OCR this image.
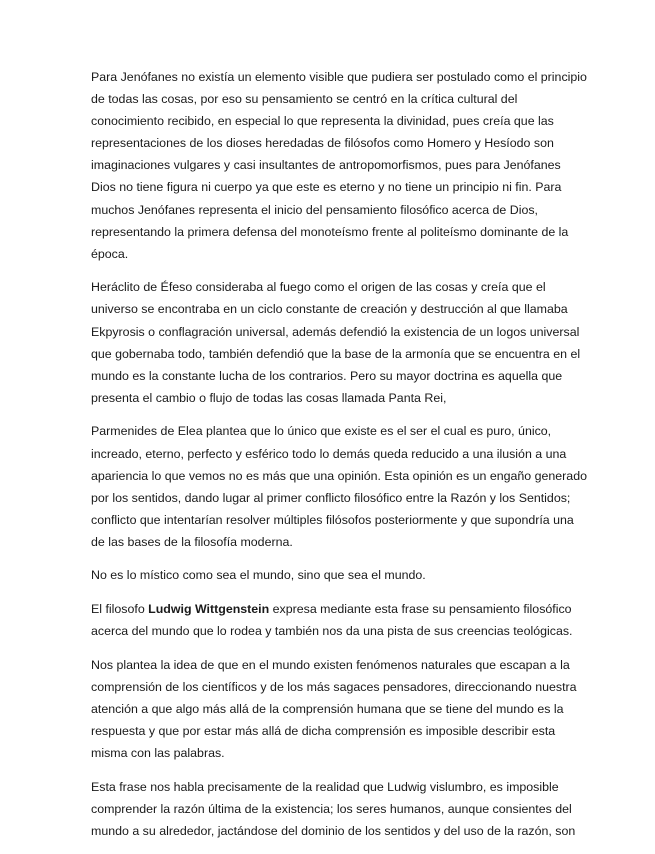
Para Jenófanes no existía un elemento visible que pudiera ser postulado como el principio
de todas las cosas, por eso su pensamiento se centró en la crítica cultural del
conocimiento recibido, en especial lo que representa la divinidad, pues creía que las
representaciones de los dioses heredadas de filósofos como Homero y Hesíodo son
imaginaciones vulgares y casi insultantes de antropomorfismos, pues para Jenófanes
Dios no tiene figura ni cuerpo ya que este es eterno y no tiene un principio ni fin. Para
muchos Jenófanes representa el inicio del pensamiento filosófico acerca de Dios,
representando la primera defensa del monoteísmo frente al politeísmo dominante de la
época.

Heráclito de Éfeso consideraba al fuego como el origen de las cosas y creía que el
universo se encontraba en un ciclo constante de creación y destrucción al que llamaba
Ekpyrosis o conflagración universal, además defendió la existencia de un logos universal
que gobernaba todo, también defendió que la base de la armonía que se encuentra en el
mundo es la constante lucha de los contrarios. Pero su mayor doctrina es aquella que
presenta el cambio o flujo de todas las cosas llamada Panta Rei,

Parmenides de Elea plantea que lo único que existe es el ser el cual es puro, único,
increado, eterno, perfecto y esférico todo lo demás queda reducido a una ilusión a una
apariencia lo que vemos no es más que una opinión. Esta opinión es un engaño generado
por los sentidos, dando lugar al primer conflicto filosófico entre la Razón y los Sentidos;
conflicto que intentarían resolver múltiples filósofos posteriormente y que supondría una
de las bases de la filosofía moderna.

No es lo místico como sea el mundo, sino que sea el mundo.

El filosofo Ludwig Wittgenstein expresa mediante esta frase su pensamiento filosófico
acerca del mundo que lo rodea y también nos da una pista de sus creencias teológicas.

Nos plantea la idea de que en el mundo existen fenómenos naturales que escapan a la
comprensión de los científicos y de los más sagaces pensadores, direccionando nuestra
atención a que algo más allá de la comprensión humana que se tiene del mundo es la
respuesta y que por estar más allá de dicha comprensión es imposible describir esta
misma con las palabras.

Esta frase nos habla precisamente de la realidad que Ludwig vislumbro, es imposible
comprender la razón última de la existencia; los seres humanos, aunque consientes del
mundo a su alrededor, jactándose del dominio de los sentidos y del uso de la razón, son
